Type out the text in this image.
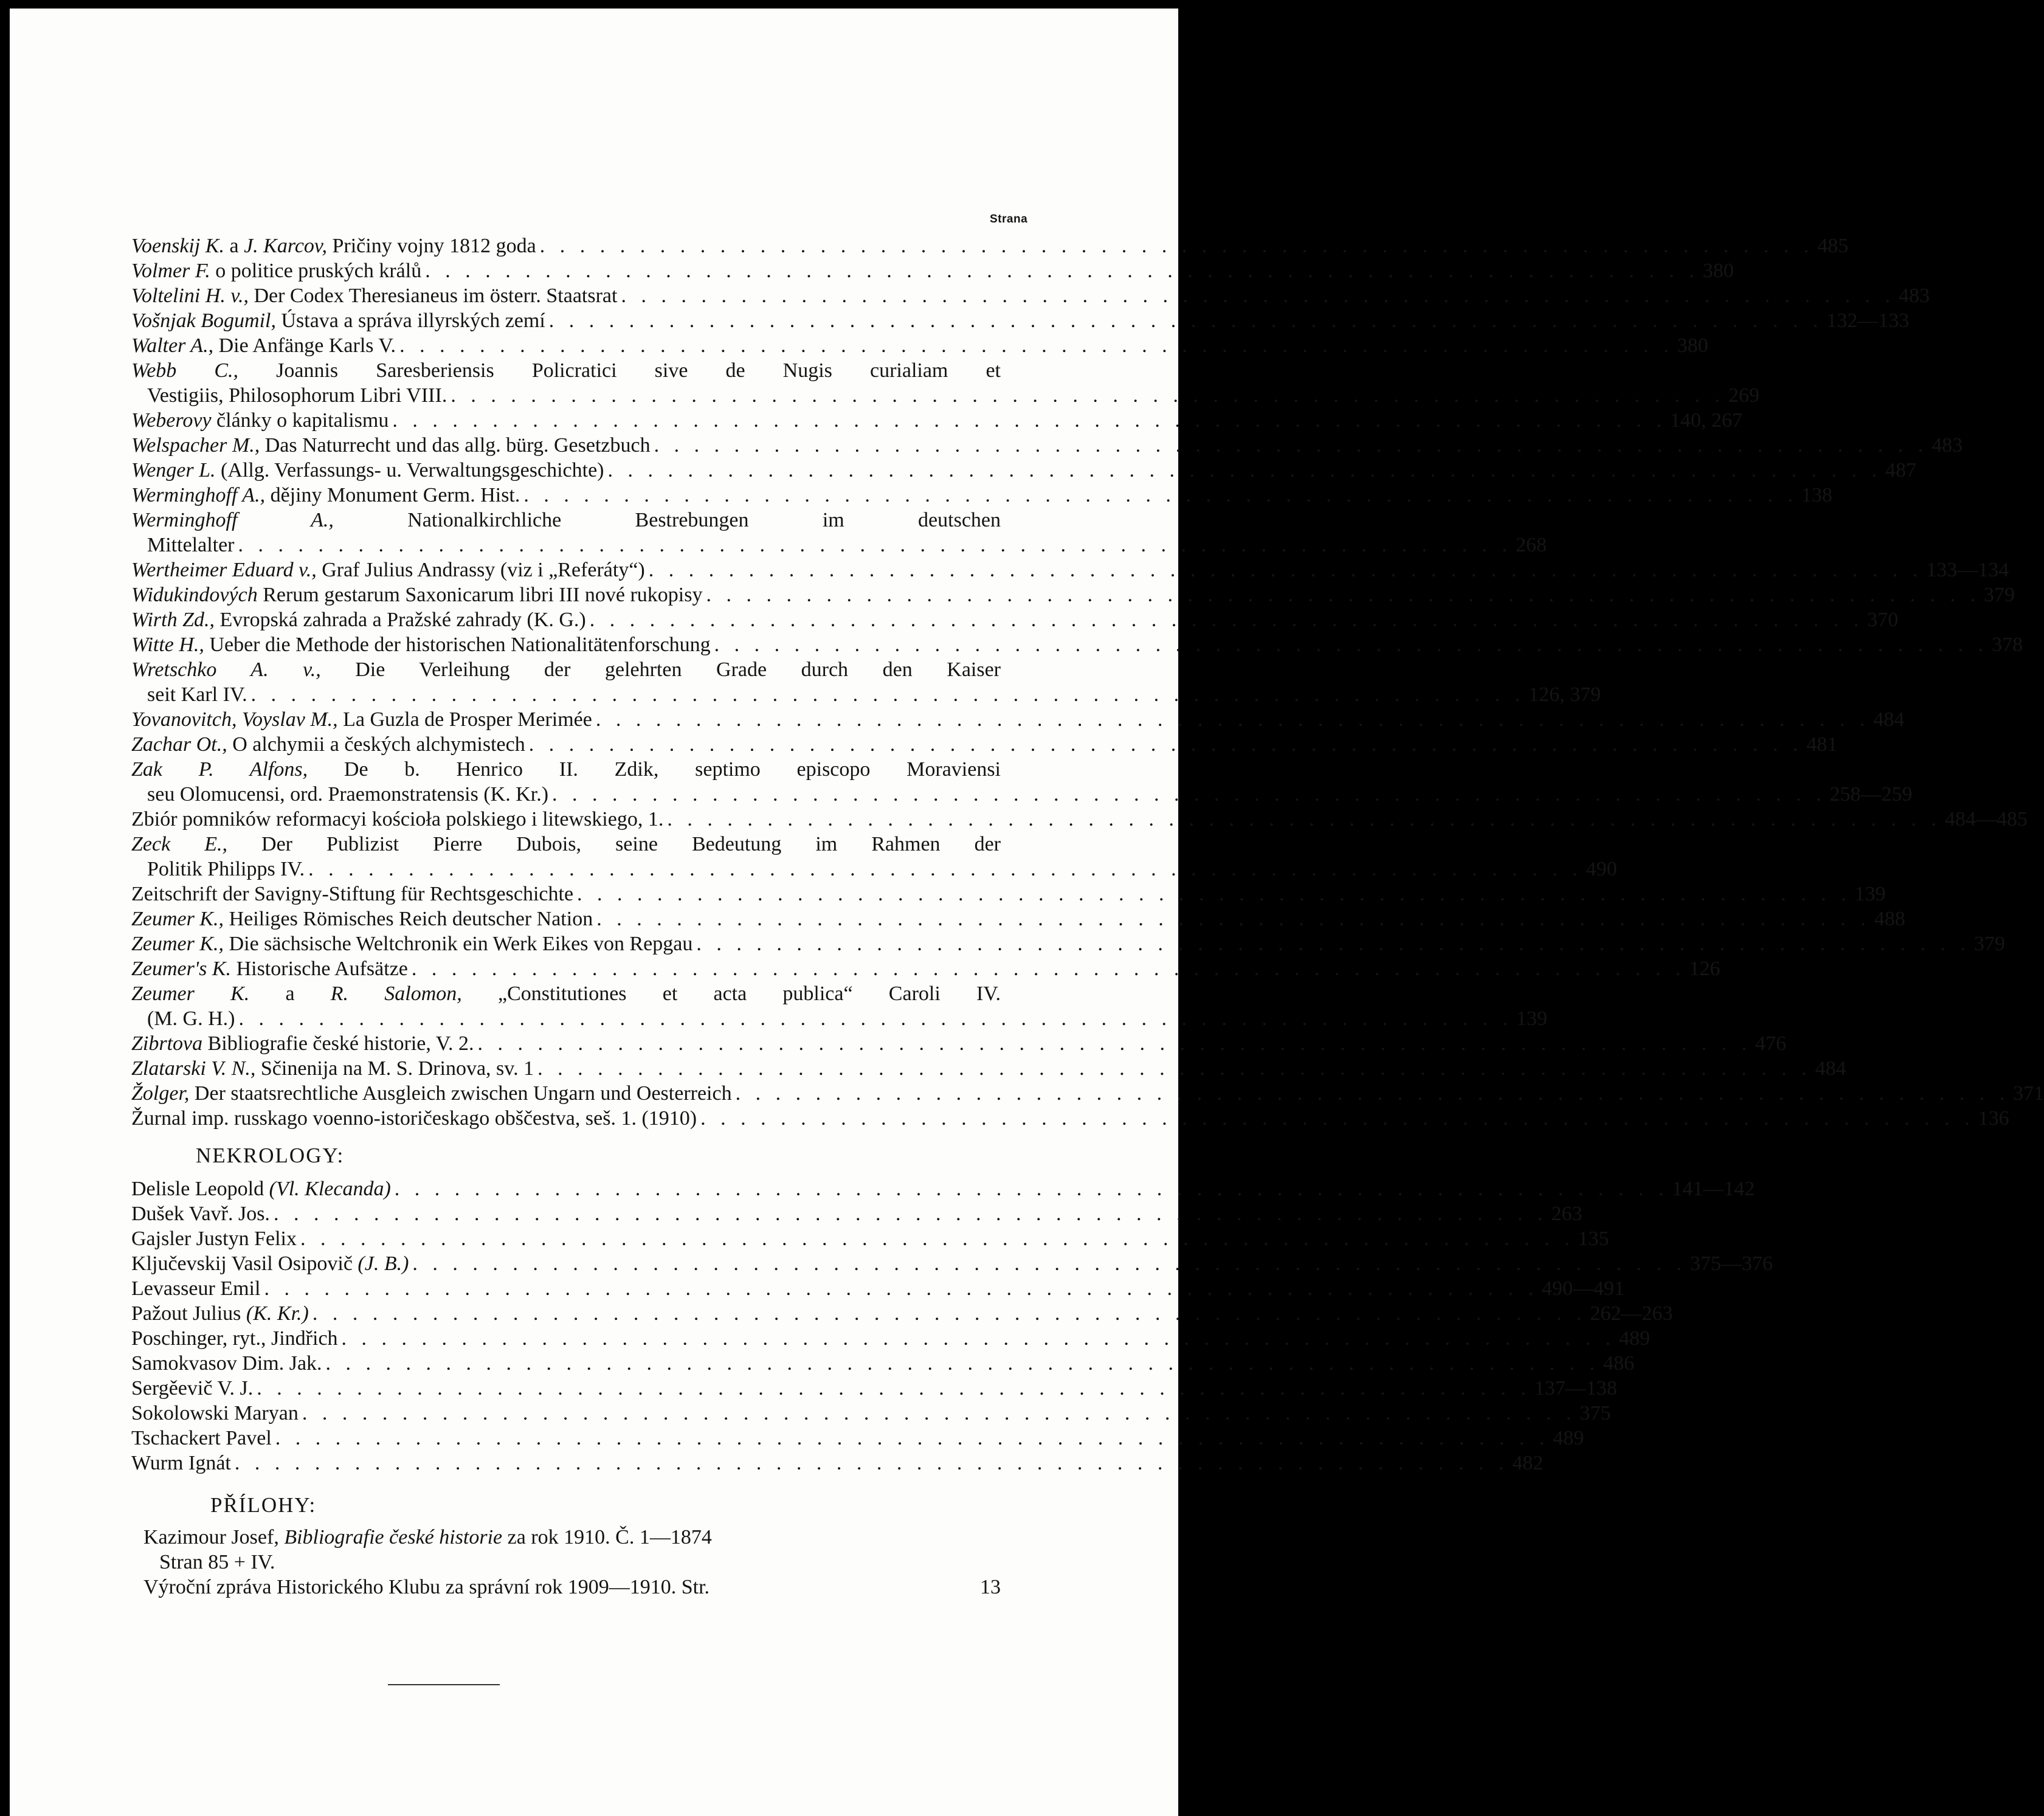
Strana
Voenskij K. a J. Karcov, Pričiny vojny 1812 goda . . . . . . . . . . . . . . . . . . . . . . . . . . . . . . . . . . . . . . . . . . . . . . . . . . . . . . . . . . . . . . . . 485
Volmer F. o politice pruských králů . . . . . . . . . . . . . . . . . . . . . . . . . . . . . . . . . . . . . . . . . . . . . . . . . . . . . . . . . . . . . . . . 380
Voltelini H. v., Der Codex Theresianeus im österr. Staatsrat . . . . . . . . . . . . . . . . . . . . . . . . . . . . . . . . . . . . . . . . . . . . . . . . . . . . . . . . . . . . . . . . 483
Vošnjak Bogumil, Ústava a správa illyrských zemí . . . . . . . . . . . . . . . . . . . . . . . . . . . . . . . . . . . . . . . . . . . . . . . . . . . . . . . . . . . . . . . . 132—133
Walter A., Die Anfänge Karls V. . . . . . . . . . . . . . . . . . . . . . . . . . . . . . . . . . . . . . . . . . . . . . . . . . . . . . . . . . . . . . . . . 380
Webb C., Joannis Saresberiensis Policratici sive de Nugis curialiam et
Vestigiis, Philosophorum Libri VIII. . . . . . . . . . . . . . . . . . . . . . . . . . . . . . . . . . . . . . . . . . . . . . . . . . . . . . . . . . . . . . . . . 269
Weberovy články o kapitalismu . . . . . . . . . . . . . . . . . . . . . . . . . . . . . . . . . . . . . . . . . . . . . . . . . . . . . . . . . . . . . . . . 140, 267
Welspacher M., Das Naturrecht und das allg. bürg. Gesetzbuch . . . . . . . . . . . . . . . . . . . . . . . . . . . . . . . . . . . . . . . . . . . . . . . . . . . . . . . . . . . . . . . . 483
Wenger L. (Allg. Verfassungs- u. Verwaltungsgeschichte) . . . . . . . . . . . . . . . . . . . . . . . . . . . . . . . . . . . . . . . . . . . . . . . . . . . . . . . . . . . . . . . . 487
Werminghoff A., dějiny Monument Germ. Hist. . . . . . . . . . . . . . . . . . . . . . . . . . . . . . . . . . . . . . . . . . . . . . . . . . . . . . . . . . . . . . . . . 138
Werminghoff A., Nationalkirchliche Bestrebungen im deutschen
Mittelalter . . . . . . . . . . . . . . . . . . . . . . . . . . . . . . . . . . . . . . . . . . . . . . . . . . . . . . . . . . . . . . . . 268
Wertheimer Eduard v., Graf Julius Andrassy (viz i „Referáty“) . . . . . . . . . . . . . . . . . . . . . . . . . . . . . . . . . . . . . . . . . . . . . . . . . . . . . . . . . . . . . . . . 133—134
Widukindových Rerum gestarum Saxonicarum libri III nové rukopisy . . . . . . . . . . . . . . . . . . . . . . . . . . . . . . . . . . . . . . . . . . . . . . . . . . . . . . . . . . . . . . . . 379
Wirth Zd., Evropská zahrada a Pražské zahrady (K. G.) . . . . . . . . . . . . . . . . . . . . . . . . . . . . . . . . . . . . . . . . . . . . . . . . . . . . . . . . . . . . . . . . 370
Witte H., Ueber die Methode der historischen Nationalitätenforschung . . . . . . . . . . . . . . . . . . . . . . . . . . . . . . . . . . . . . . . . . . . . . . . . . . . . . . . . . . . . . . . . 378
Wretschko A. v., Die Verleihung der gelehrten Grade durch den Kaiser
seit Karl IV. . . . . . . . . . . . . . . . . . . . . . . . . . . . . . . . . . . . . . . . . . . . . . . . . . . . . . . . . . . . . . . . . 126, 379
Yovanovitch, Voyslav M., La Guzla de Prosper Merimée . . . . . . . . . . . . . . . . . . . . . . . . . . . . . . . . . . . . . . . . . . . . . . . . . . . . . . . . . . . . . . . . 484
Zachar Ot., O alchymii a českých alchymistech . . . . . . . . . . . . . . . . . . . . . . . . . . . . . . . . . . . . . . . . . . . . . . . . . . . . . . . . . . . . . . . . 481
Zak P. Alfons, De b. Henrico II. Zdik, septimo episcopo Moraviensi
seu Olomucensi, ord. Praemonstratensis (K. Kr.) . . . . . . . . . . . . . . . . . . . . . . . . . . . . . . . . . . . . . . . . . . . . . . . . . . . . . . . . . . . . . . . . 258—259
Zbiór pomników reformacyi kościoła polskiego i litewskiego, 1. . . . . . . . . . . . . . . . . . . . . . . . . . . . . . . . . . . . . . . . . . . . . . . . . . . . . . . . . . . . . . . . . 484—485
Zeck E., Der Publizist Pierre Dubois, seine Bedeutung im Rahmen der
Politik Philipps IV. . . . . . . . . . . . . . . . . . . . . . . . . . . . . . . . . . . . . . . . . . . . . . . . . . . . . . . . . . . . . . . . . 490
Zeitschrift der Savigny-Stiftung für Rechtsgeschichte . . . . . . . . . . . . . . . . . . . . . . . . . . . . . . . . . . . . . . . . . . . . . . . . . . . . . . . . . . . . . . . . 139
Zeumer K., Heiliges Römisches Reich deutscher Nation . . . . . . . . . . . . . . . . . . . . . . . . . . . . . . . . . . . . . . . . . . . . . . . . . . . . . . . . . . . . . . . . 488
Zeumer K., Die sächsische Weltchronik ein Werk Eikes von Repgau . . . . . . . . . . . . . . . . . . . . . . . . . . . . . . . . . . . . . . . . . . . . . . . . . . . . . . . . . . . . . . . . 379
Zeumer's K. Historische Aufsätze . . . . . . . . . . . . . . . . . . . . . . . . . . . . . . . . . . . . . . . . . . . . . . . . . . . . . . . . . . . . . . . . 126
Zeumer K. a R. Salomon, „Constitutiones et acta publica“ Caroli IV.
(M. G. H.) . . . . . . . . . . . . . . . . . . . . . . . . . . . . . . . . . . . . . . . . . . . . . . . . . . . . . . . . . . . . . . . . 139
Zibrtova Bibliografie české historie, V. 2. . . . . . . . . . . . . . . . . . . . . . . . . . . . . . . . . . . . . . . . . . . . . . . . . . . . . . . . . . . . . . . . . 476
Zlatarski V. N., Sčinenija na M. S. Drinova, sv. 1 . . . . . . . . . . . . . . . . . . . . . . . . . . . . . . . . . . . . . . . . . . . . . . . . . . . . . . . . . . . . . . . . 484
Žolger, Der staatsrechtliche Ausgleich zwischen Ungarn und Oesterreich . . . . . . . . . . . . . . . . . . . . . . . . . . . . . . . . . . . . . . . . . . . . . . . . . . . . . . . . . . . . . . . . 371
Žurnal imp. russkago voenno-istoričeskago obščestva, seš. 1. (1910) . . . . . . . . . . . . . . . . . . . . . . . . . . . . . . . . . . . . . . . . . . . . . . . . . . . . . . . . . . . . . . . . 136
NEKROLOGY:
Delisle Leopold (Vl. Klecanda) . . . . . . . . . . . . . . . . . . . . . . . . . . . . . . . . . . . . . . . . . . . . . . . . . . . . . . . . . . . . . . . . 141—142
Dušek Vavř. Jos. . . . . . . . . . . . . . . . . . . . . . . . . . . . . . . . . . . . . . . . . . . . . . . . . . . . . . . . . . . . . . . . . 263
Gajsler Justyn Felix . . . . . . . . . . . . . . . . . . . . . . . . . . . . . . . . . . . . . . . . . . . . . . . . . . . . . . . . . . . . . . . . 135
Ključevskij Vasil Osipovič (J. B.) . . . . . . . . . . . . . . . . . . . . . . . . . . . . . . . . . . . . . . . . . . . . . . . . . . . . . . . . . . . . . . . . 375—376
Levasseur Emil . . . . . . . . . . . . . . . . . . . . . . . . . . . . . . . . . . . . . . . . . . . . . . . . . . . . . . . . . . . . . . . . 490—491
Pažout Julius (K. Kr.) . . . . . . . . . . . . . . . . . . . . . . . . . . . . . . . . . . . . . . . . . . . . . . . . . . . . . . . . . . . . . . . . 262—263
Poschinger, ryt., Jindřich . . . . . . . . . . . . . . . . . . . . . . . . . . . . . . . . . . . . . . . . . . . . . . . . . . . . . . . . . . . . . . . . 489
Samokvasov Dim. Jak. . . . . . . . . . . . . . . . . . . . . . . . . . . . . . . . . . . . . . . . . . . . . . . . . . . . . . . . . . . . . . . . . 486
Sergěevič V. J. . . . . . . . . . . . . . . . . . . . . . . . . . . . . . . . . . . . . . . . . . . . . . . . . . . . . . . . . . . . . . . . . 137—138
Sokolowski Maryan . . . . . . . . . . . . . . . . . . . . . . . . . . . . . . . . . . . . . . . . . . . . . . . . . . . . . . . . . . . . . . . . 375
Tschackert Pavel . . . . . . . . . . . . . . . . . . . . . . . . . . . . . . . . . . . . . . . . . . . . . . . . . . . . . . . . . . . . . . . . 489
Wurm Ignát . . . . . . . . . . . . . . . . . . . . . . . . . . . . . . . . . . . . . . . . . . . . . . . . . . . . . . . . . . . . . . . . 482
PŘÍLOHY:
Kazimour Josef, Bibliografie české historie za rok 1910. Č. 1—1874
Stran 85 + IV.
Výroční zpráva Historického Klubu za správní rok 1909—1910. Str.	13
